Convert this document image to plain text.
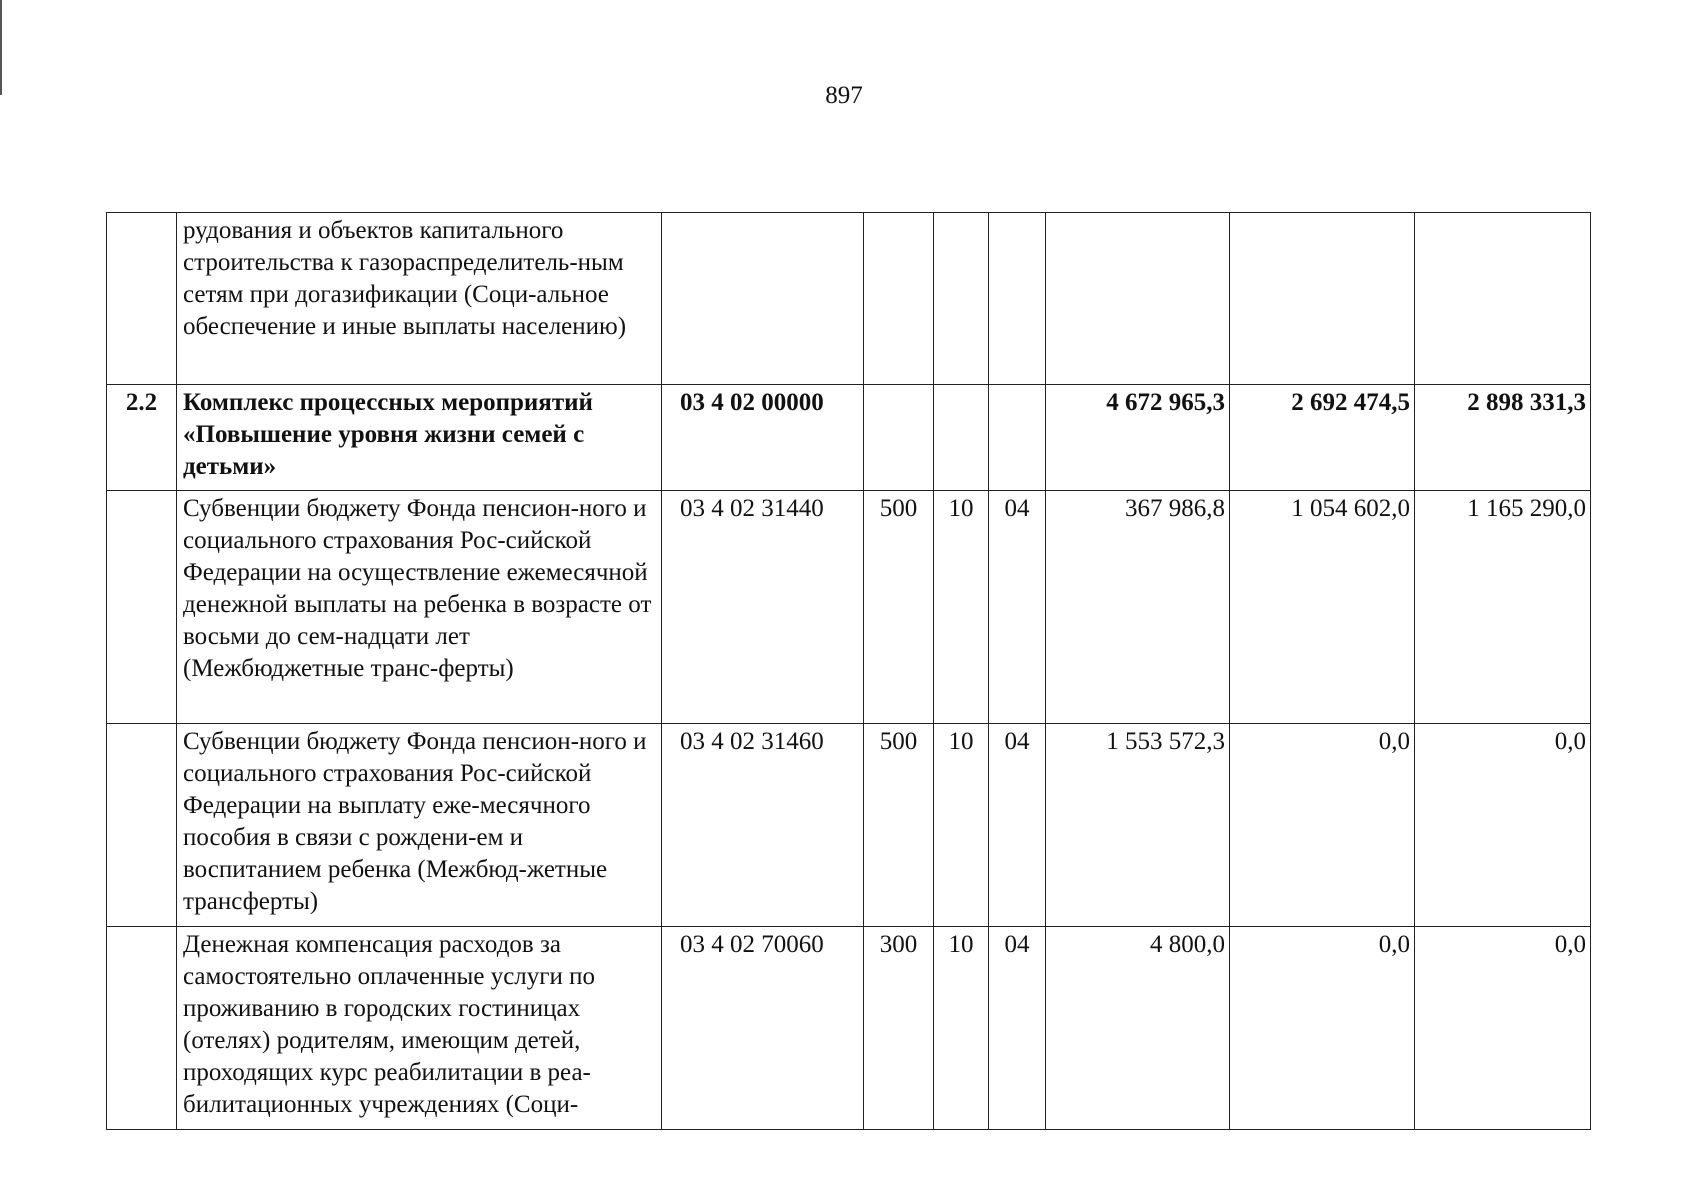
897
	рудования и объектов капитального строительства к газораспределитель-ным сетям при догазификации (Соци-альное обеспечение и иные выплаты населению)							
2.2	Комплекс процессных мероприятий «Повышение уровня жизни семей с детьми»	03 4 02 00000				4 672 965,3	2 692 474,5	2 898 331,3
	Субвенции бюджету Фонда пенсион-ного и социального страхования Рос-сийской Федерации на осуществление ежемесячной денежной выплаты на ребенка в возрасте от восьми до сем-надцати лет (Межбюджетные транс-ферты)	03 4 02 31440	500	10	04	367 986,8	1 054 602,0	1 165 290,0
	Субвенции бюджету Фонда пенсион-ного и социального страхования Рос-сийской Федерации на выплату еже-месячного пособия в связи с рождени-ем и воспитанием ребенка (Межбюд-жетные трансферты)	03 4 02 31460	500	10	04	1 553 572,3	0,0	0,0
	Денежная компенсация расходов за самостоятельно оплаченные услуги по проживанию в городских гостиницах (отелях) родителям, имеющим детей, проходящих курс реабилитации в реа-билитационных учреждениях (Соци-	03 4 02 70060	300	10	04	4 800,0	0,0	0,0
